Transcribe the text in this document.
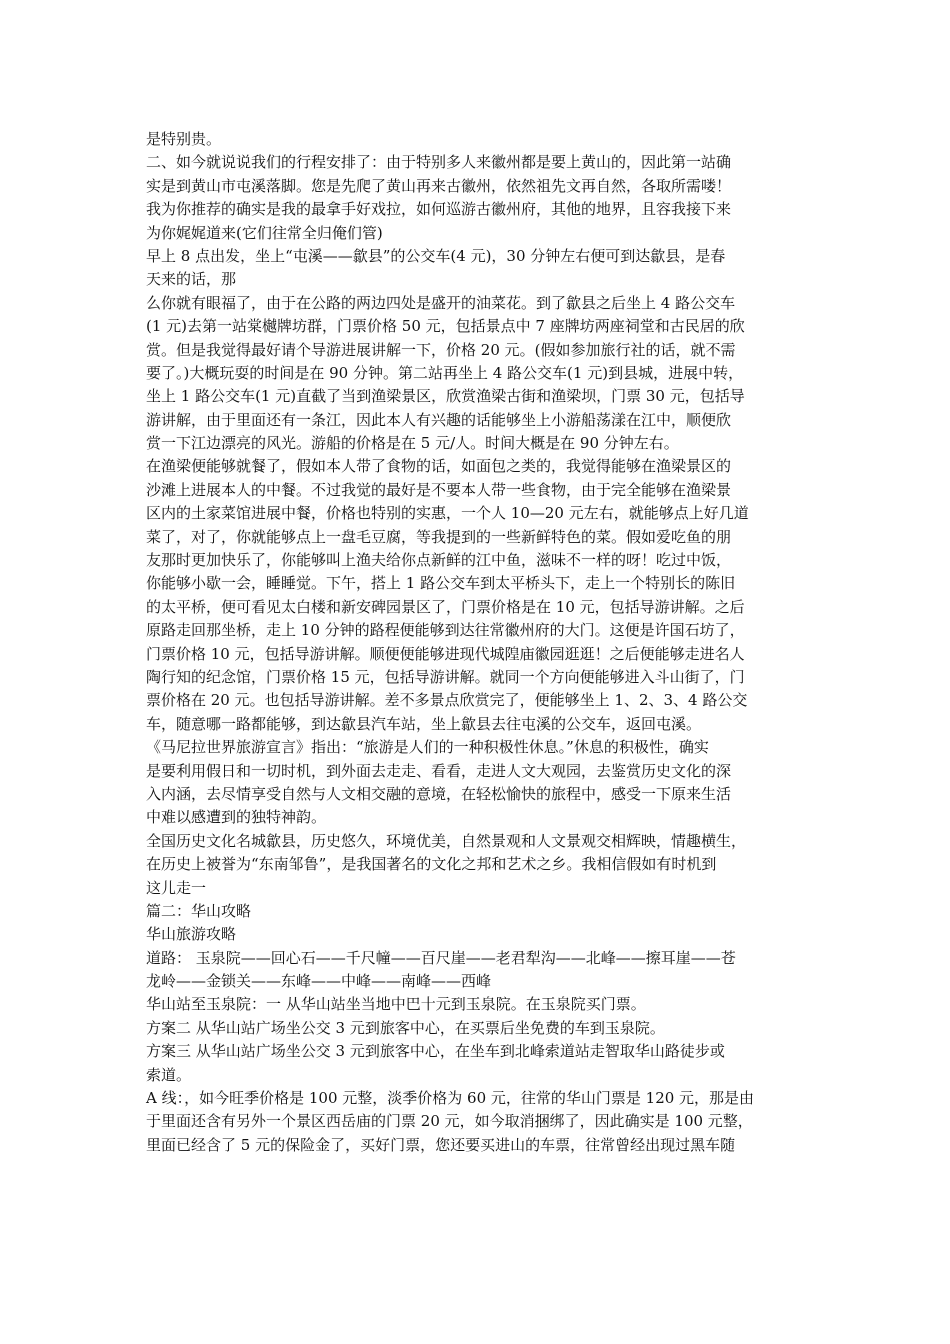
是特别贵。
二、如今就说说我们的行程安排了：由于特别多人来徽州都是要上黄山的，因此第一站确
实是到黄山市屯溪落脚。您是先爬了黄山再来古徽州，依然祖先文再自然，各取所需喽！
我为你推荐的确实是我的最拿手好戏拉，如何巡游古徽州府，其他的地界，且容我接下来
为你娓娓道来(它们往常全归俺们管)
早上 8 点出发，坐上“屯溪——歙县”的公交车(4 元)，30 分钟左右便可到达歙县，是春
天来的话，那
么你就有眼福了，由于在公路的两边四处是盛开的油菜花。到了歙县之后坐上 4 路公交车
(1 元)去第一站棠樾牌坊群，门票价格 50 元，包括景点中 7 座牌坊两座祠堂和古民居的欣
赏。但是我觉得最好请个导游进展讲解一下，价格 20 元。(假如参加旅行社的话，就不需
要了。)大概玩耍的时间是在 90 分钟。第二站再坐上 4 路公交车(1 元)到县城，进展中转，
坐上 1 路公交车(1 元)直截了当到渔梁景区，欣赏渔梁古街和渔梁坝，门票 30 元，包括导
游讲解，由于里面还有一条江，因此本人有兴趣的话能够坐上小游船荡漾在江中，顺便欣
赏一下江边漂亮的风光。游船的价格是在 5 元/人。时间大概是在 90 分钟左右。
在渔梁便能够就餐了，假如本人带了食物的话，如面包之类的，我觉得能够在渔梁景区的
沙滩上进展本人的中餐。不过我觉的最好是不要本人带一些食物，由于完全能够在渔梁景
区内的土家菜馆进展中餐，价格也特别的实惠，一个人 10—20 元左右，就能够点上好几道
菜了，对了，你就能够点上一盘毛豆腐，等我提到的一些新鲜特色的菜。假如爱吃鱼的朋
友那时更加快乐了，你能够叫上渔夫给你点新鲜的江中鱼，滋味不一样的呀！吃过中饭，
你能够小歇一会，睡睡觉。下午，搭上 1 路公交车到太平桥头下，走上一个特别长的陈旧
的太平桥，便可看见太白楼和新安碑园景区了，门票价格是在 10 元，包括导游讲解。之后
原路走回那坐桥，走上 10 分钟的路程便能够到达往常徽州府的大门。这便是许国石坊了，
门票价格 10 元，包括导游讲解。顺便便能够进现代城隍庙徽园逛逛！之后便能够走进名人
陶行知的纪念馆，门票价格 15 元，包括导游讲解。就同一个方向便能够进入斗山街了，门
票价格在 20 元。也包括导游讲解。差不多景点欣赏完了，便能够坐上 1、2、3、4 路公交
车，随意哪一路都能够，到达歙县汽车站，坐上歙县去往屯溪的公交车，返回屯溪。
《马尼拉世界旅游宣言》指出：“旅游是人们的一种积极性休息。”休息的积极性，确实
是要利用假日和一切时机，到外面去走走、看看，走进人文大观园，去鉴赏历史文化的深
入内涵，去尽情享受自然与人文相交融的意境，在轻松愉快的旅程中，感受一下原来生活
中难以感遭到的独特神韵。
全国历史文化名城歙县，历史悠久，环境优美，自然景观和人文景观交相辉映，情趣横生，
在历史上被誉为“东南邹鲁”，是我国著名的文化之邦和艺术之乡。我相信假如有时机到
这儿走一
篇二：华山攻略
华山旅游攻略
道路： 玉泉院——回心石——千尺幢——百尺崖——老君犁沟——北峰——擦耳崖——苍
龙岭——金锁关——东峰——中峰——南峰——西峰
华山站至玉泉院：一 从华山站坐当地中巴十元到玉泉院。在玉泉院买门票。
方案二 从华山站广场坐公交 3 元到旅客中心，在买票后坐免费的车到玉泉院。
方案三 从华山站广场坐公交 3 元到旅客中心，在坐车到北峰索道站走智取华山路徒步或
索道。
A 线：，如今旺季价格是 100 元整，淡季价格为 60 元，往常的华山门票是 120 元，那是由
于里面还含有另外一个景区西岳庙的门票 20 元，如今取消捆绑了，因此确实是 100 元整，
里面已经含了 5 元的保险金了，买好门票，您还要买进山的车票，往常曾经出现过黑车随
